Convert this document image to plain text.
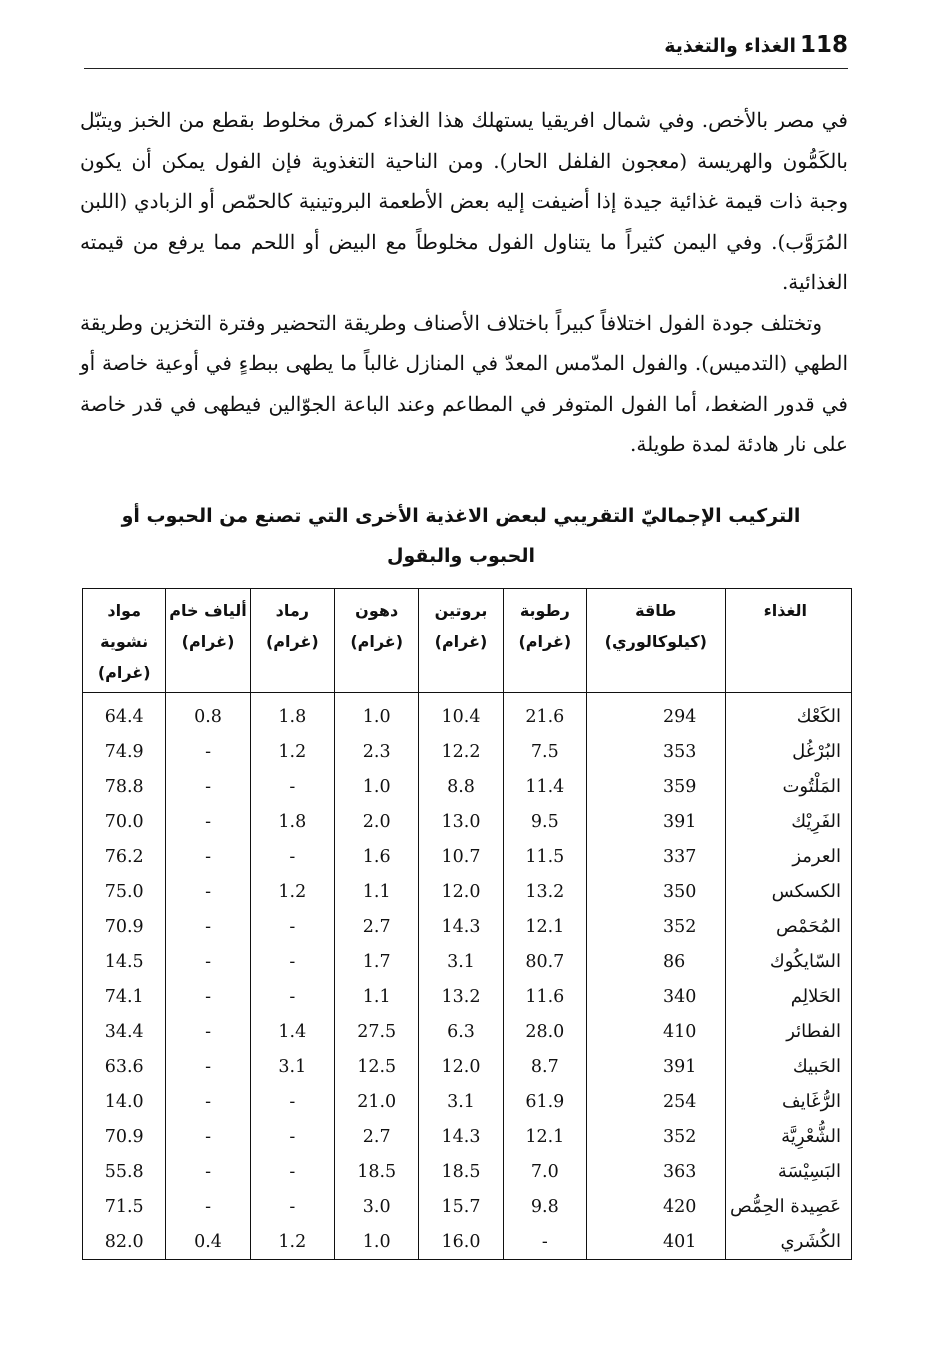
118
الغذاء والتغذية

في مصر بالأخص. وفي شمال افريقيا يستهلك هذا الغذاء كمرق مخلوط بقطع من الخبز ويتبّل بالكَمُّون والهريسة (معجون الفلفل الحار). ومن الناحية التغذوية فإن الفول يمكن أن يكون وجبة ذات قيمة غذائية جيدة إذا أضيفت إليه بعض الأطعمة البروتينية كالحمّص أو الزبادي (اللبن المُرَوَّب). وفي اليمن كثيراً ما يتناول الفول مخلوطاً مع البيض أو اللحم مما يرفع من قيمته الغذائية.

وتختلف جودة الفول اختلافاً كبيراً باختلاف الأصناف وطريقة التحضير وفترة التخزين وطريقة الطهي (التدميس). والفول المدّمس المعدّ في المنازل غالباً ما يطهى ببطءٍ في أوعية خاصة أو في قدور الضغط، أما الفول المتوفر في المطاعم وعند الباعة الجوّالين فيطهى في قدر خاصة على نار هادئة لمدة طويلة.

التركيب الإجماليّ التقريبي لبعض الاغذية الأخرى التي تصنع من الحبوب أو
الحبوب والبقول
الغذاء	طاقة (كيلوكالوري)	رطوبة (غرام)	بروتين (غرام)	دهون (غرام)	رماد (غرام)	ألياف خام (غرام)	مواد نشوية (غرام)
الكَعْك	294	21.6	10.4	1.0	1.8	0.8	64.4
البُرْغُل	353	7.5	12.2	2.3	1.2	-	74.9
المَلْتُوت	359	11.4	8.8	1.0	-	-	78.8
الفَرِيْك	391	9.5	13.0	2.0	1.8	-	70.0
العرمز	337	11.5	10.7	1.6	-	-	76.2
الكسكس	350	13.2	12.0	1.1	1.2	-	75.0
المُحَمْص	352	12.1	14.3	2.7	-	-	70.9
السّايكُوك	86	80.7	3.1	1.7	-	-	14.5
الحَلالِم	340	11.6	13.2	1.1	-	-	74.1
الفطائر	410	28.0	6.3	27.5	1.4	-	34.4
الحَبيك	391	8.7	12.0	12.5	3.1	-	63.6
الرُّغَايف	254	61.9	3.1	21.0	-	-	14.0
الشُّعْرِيَّة	352	12.1	14.3	2.7	-	-	70.9
البَسِيْسَة	363	7.0	18.5	18.5	-	-	55.8
عَصِيدة الحِمُّص	420	9.8	15.7	3.0	-	-	71.5
الكُشَري	401	-	16.0	1.0	1.2	0.4	82.0
